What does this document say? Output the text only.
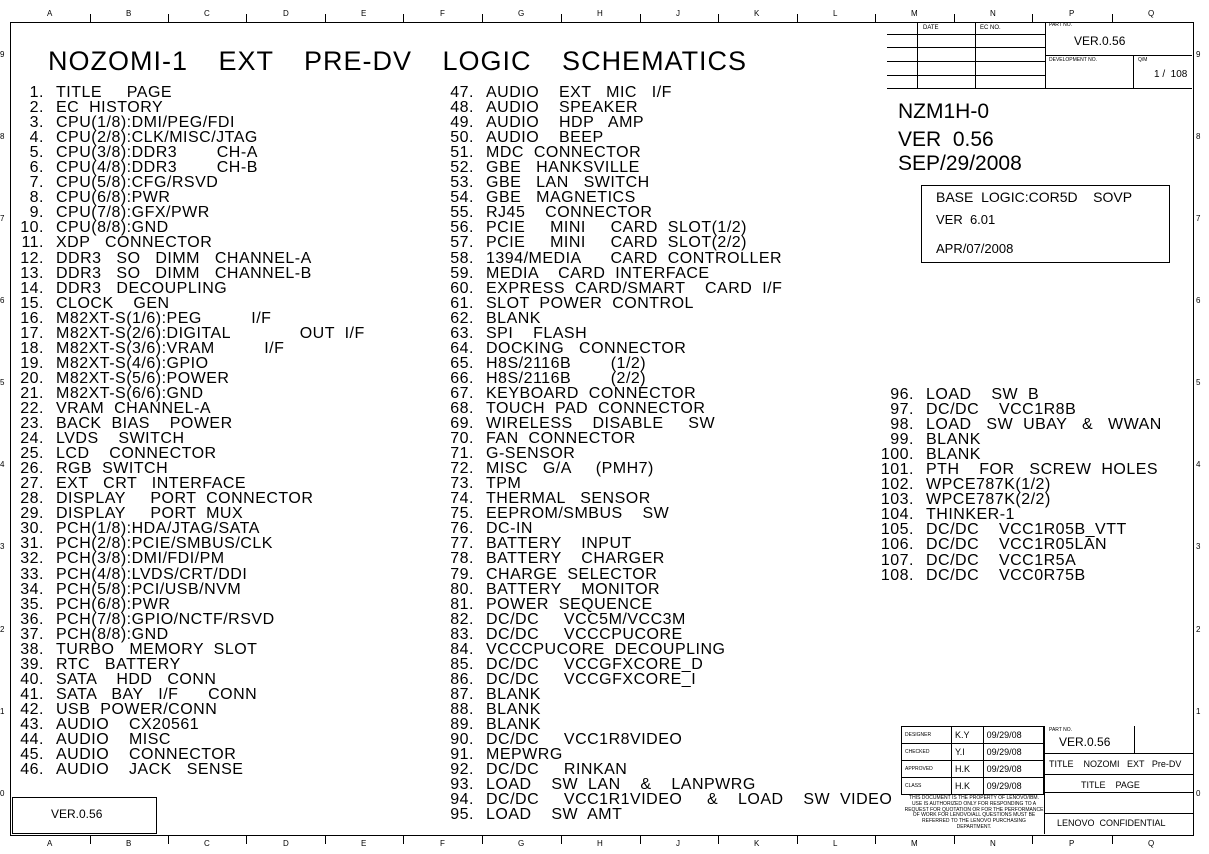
A	B	C	D	E	F	G	H	J	K	L	M	N	P	Q
A	B	C	D	E	F	G	H	J	K	L	M	N	P	Q
9	9
8	8
7	7
6	6
5	5
4	4
3	3
2	2
1	1
0	0
NOZOMI-1 EXT PRE-DV LOGIC SCHEMATICS
DATE	EC NO.	PART NO.
VER.0.56
DEVELOPMENT NO.	Q/M
1 /  108
NZM1H-0
VER  0.56
SEP/29/2008
BASE  LOGIC:COR5D    SOVP
VER  6.01
APR/07/2008
1. TITLE     PAGE
2. EC  HISTORY
3. CPU(1/8):DMI/PEG/FDI
4. CPU(2/8):CLK/MISC/JTAG
5. CPU(3/8):DDR3        CH-A
6. CPU(4/8):DDR3        CH-B
7. CPU(5/8):CFG/RSVD
8. CPU(6/8):PWR
9. CPU(7/8):GFX/PWR
10. CPU(8/8):GND
11. XDP   CONNECTOR
12. DDR3   SO   DIMM   CHANNEL-A
13. DDR3   SO   DIMM   CHANNEL-B
14. DDR3   DECOUPLING
15. CLOCK    GEN
16. M82XT-S(1/6):PEG          I/F
17. M82XT-S(2/6):DIGITAL              OUT  I/F
18. M82XT-S(3/6):VRAM          I/F
19. M82XT-S(4/6):GPIO
20. M82XT-S(5/6):POWER
21. M82XT-S(6/6):GND
22. VRAM  CHANNEL-A
23. BACK  BIAS    POWER
24. LVDS    SWITCH
25. LCD    CONNECTOR
26. RGB  SWITCH
27. EXT   CRT   INTERFACE
28. DISPLAY     PORT  CONNECTOR
29. DISPLAY     PORT  MUX
30. PCH(1/8):HDA/JTAG/SATA
31. PCH(2/8):PCIE/SMBUS/CLK
32. PCH(3/8):DMI/FDI/PM
33. PCH(4/8):LVDS/CRT/DDI
34. PCH(5/8):PCI/USB/NVM
35. PCH(6/8):PWR
36. PCH(7/8):GPIO/NCTF/RSVD
37. PCH(8/8):GND
38. TURBO   MEMORY  SLOT
39. RTC   BATTERY
40. SATA    HDD   CONN
41. SATA   BAY   I/F      CONN
42. USB  POWER/CONN
43. AUDIO    CX20561
44. AUDIO    MISC
45. AUDIO    CONNECTOR
46. AUDIO    JACK   SENSE
47. AUDIO    EXT   MIC   I/F
48. AUDIO    SPEAKER
49. AUDIO    HDP   AMP
50. AUDIO    BEEP
51. MDC  CONNECTOR
52. GBE   HANKSVILLE
53. GBE   LAN   SWITCH
54. GBE   MAGNETICS
55. RJ45    CONNECTOR
56. PCIE     MINI     CARD  SLOT(1/2)
57. PCIE     MINI     CARD  SLOT(2/2)
58. 1394/MEDIA      CARD  CONTROLLER
59. MEDIA    CARD  INTERFACE
60. EXPRESS  CARD/SMART    CARD  I/F
61. SLOT  POWER  CONTROL
62. BLANK
63. SPI    FLASH
64. DOCKING   CONNECTOR
65. H8S/2116B        (1/2)
66. H8S/2116B        (2/2)
67. KEYBOARD  CONNECTOR
68. TOUCH  PAD  CONNECTOR
69. WIRELESS    DISABLE     SW
70. FAN  CONNECTOR
71. G-SENSOR
72. MISC   G/A     (PMH7)
73. TPM
74. THERMAL   SENSOR
75. EEPROM/SMBUS    SW
76. DC-IN
77. BATTERY    INPUT
78. BATTERY    CHARGER
79. CHARGE  SELECTOR
80. BATTERY    MONITOR
81. POWER  SEQUENCE
82. DC/DC     VCC5M/VCC3M
83. DC/DC     VCCCPUCORE
84. VCCCPUCORE  DECOUPLING
85. DC/DC     VCCGFXCORE_D
86. DC/DC     VCCGFXCORE_I
87. BLANK
88. BLANK
89. BLANK
90. DC/DC     VCC1R8VIDEO
91. MEPWRG
92. DC/DC     RINKAN
93. LOAD    SW  LAN    &    LANPWRG
94. DC/DC     VCC1R1VIDEO     &    LOAD    SW  VIDEO
95. LOAD    SW  AMT
96. LOAD    SW  B
97. DC/DC    VCC1R8B
98. LOAD   SW  UBAY   &   WWAN
99. BLANK
100. BLANK
101. PTH    FOR   SCREW  HOLES
102. WPCE787K(1/2)
103. WPCE787K(2/2)
104. THINKER-1
105. DC/DC    VCC1R05B_VTT
106. DC/DC    VCC1R05LAN
107. DC/DC    VCC1R5A
108. DC/DC    VCC0R75B
DESIGNER	K.Y	09/29/08
CHECKED	Y.I	09/29/08
APPROVED	H.K	09/29/08
CLASS	H.K	09/29/08
THIS DOCUMENT IS THE PROPERTY OF LENOVO/IBM. USE IS AUTHORIZED ONLY FOR RESPONDING TO A REQUEST FOR QUOTATION OR FOR THE PERFORMANCE OF WORK FOR LENOVO/ALL QUESTIONS MUST BE REFERRED TO THE LENOVO PURCHASING DEPARTMENT.
PART NO.
VER.0.56
TITLE    NOZOMI   EXT   Pre-DV
TITLE    PAGE
LENOVO  CONFIDENTIAL
VER.0.56
